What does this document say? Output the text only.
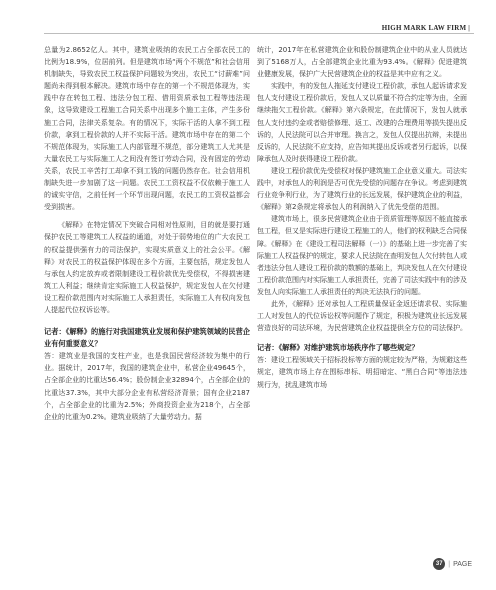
HIGH MARK LAW FIRM |

总量为2.8652亿人。其中，建筑业吸纳的农民工占全部农民工的比例为18.9%，位居前列。但是建筑市场“两个不规范”和社会信用机制缺失，导致农民工权益保护问题较为突出，农民工“讨薪难”问题尚未得到根本解决。建筑市场中存在的第一个不规范体现为，实践中存在转包工程、违法分包工程、借用资质承包工程等违法现象，这导致建设工程施工合同关系中出现多个施工主体，产生多份施工合同，法律关系复杂。有的情况下，实际干活的人拿不到工程价款，拿到工程价款的人并不实际干活。建筑市场中存在的第二个不规范体现为，实际施工人内部管理不规范，部分建筑工人尤其是大量农民工与实际施工人之间没有签订劳动合同，没有固定的劳动关系，农民工辛苦打工却拿不到工钱的问题仍然存在。社会信用机制缺失进一步加剧了这一问题。农民工工资权益不仅依赖于施工人的诚实守信，之前任何一个环节出现问题，农民工的工资权益都会受到损害。

《解释》在特定情况下突破合同相对性原则，目的就是要打通保护农民工等建筑工人权益的通道，对处于弱势地位的广大农民工的权益提供强有力的司法保护，实现实质意义上的社会公平。《解释》对农民工的权益保护体现在多个方面，主要包括，规定发包人与承包人约定放弃或者限制建设工程价款优先受偿权，不得损害建筑工人利益；继续肯定实际施工人权益保护，规定发包人在欠付建设工程价款范围内对实际施工人承担责任，实际施工人有权向发包人提起代位权诉讼等。

记者：《解释》的施行对我国建筑业发展和保护建筑领域的民营企业有何重要意义？

答：建筑业是我国的支柱产业，也是我国民营经济较为集中的行业。据统计，2017年，我国的建筑企业中，私营企业49645个，占全部企业的比重达56.4%；股份制企业32894个，占全部企业的比重达37.3%，其中大部分企业有私营经济背景；国有企业2187个，占全部企业的比重为2.5%；外商投资企业为218个，占全部企业的比重为0.2%。建筑业吸纳了大量劳动力。据

统计，2017年在私营建筑企业和股份制建筑企业中的从业人员就达到了5168万人，占全部建筑企业比重为93.4%。《解释》促进建筑业健康发展，保护广大民营建筑企业的权益是其中应有之义。

实践中，有的发包人拖延支付建设工程价款，承包人起诉请求发包人支付建设工程价款后，发包人又以质量不符合约定等为由，全面继续拖欠工程价款。《解释》第六条规定，在此情况下，发包人就承包人支付违约金或者赔偿修理、返工、改建的合理费用等损失提出反诉的，人民法院可以合并审理。换言之，发包人仅提出抗辩，未提出反诉的，人民法院不应支持，应告知其提出反诉或者另行起诉，以保障承包人及时获得建设工程价款。

建设工程价款优先受偿权对保护建筑施工企业意义重大。司法实践中，对承包人的利润是否可优先受偿的问题存在争议。考虑到建筑行业竞争利行业，为了建筑行业的长远发展，保护建筑企业的利益，《解释》第2条规定将承包人的利润纳入了优先受偿的范围。

建筑市场上，很多民营建筑企业由于资质管理等原因不能直接承包工程，但又是实际进行建设工程施工的人，他们的权利缺乏合同保障。《解释》在《建设工程司法解释（一）》的基础上进一步完善了实际施工人权益保护的规定，要求人民法院在查明发包人欠付转包人或者违法分包人建设工程价款的数额的基础上，判决发包人在欠付建设工程价款范围内对实际施工人承担责任，完善了司法实践中有的涉及发包人向实际施工人承担责任的判决无法执行的问题。

此外，《解释》还对承包人工程质量保证金返还请求权、实际施工人对发包人的代位诉讼权等问题作了规定，积极为建筑业长远发展营造良好的司法环境，为民营建筑企业权益提供全方位的司法保护。

记者：《解释》对维护建筑市场秩序作了哪些规定？

答：建设工程领域关于招标投标等方面的规定较为严格，为规避这些规定，建筑市场上存在围标串标、明招暗定、“黑白合同”等违法违规行为，扰乱建筑市场

37 | PAGE
